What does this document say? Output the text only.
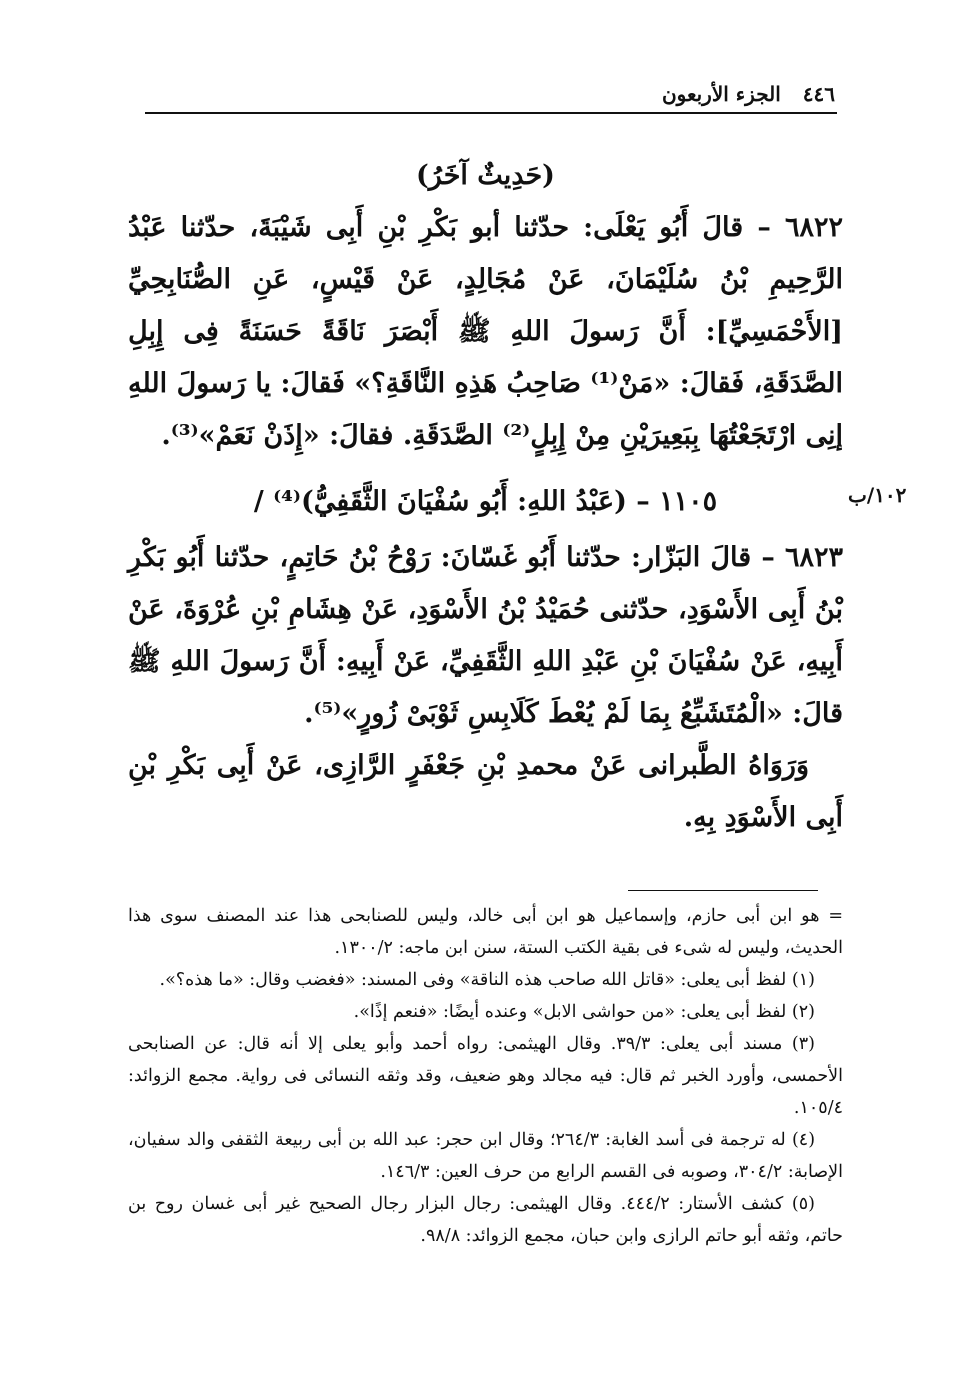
٤٤٦
الجزء الأربعون
١٠٢/ب

(حَدِيثٌ آخَرُ)

٦٨٢٢ – قالَ أَبُو يَعْلَى: حدّثنا أبو بَكْرِ بْنِ أَبِى شَيْبَةَ، حدّثنا عَبْدُ الرَّحِيمِ بْنُ سُلَيْمَانَ، عَنْ مُجَالِدٍ، عَنْ قَيْسٍ، عَنِ الصُّنَابِحِيِّ [الأَحْمَسِيِّ]: أَنَّ رَسولَ اللهِ ﷺ أَبْصَرَ نَاقَةً حَسَنَةً فِى إِبِلِ الصَّدَقَةِ، فَقالَ: «مَنْ⁽¹⁾ صَاحِبُ هَذِهِ النَّاقَةِ؟» فَقالَ: يا رَسولَ اللهِ إنِى ارْتَجَعْتُهَا بِبَعِيرَيْنِ مِنْ إِبِلٍ⁽²⁾ الصَّدَقَةِ. فقالَ: «إِذَنْ نَعَمْ»⁽³⁾.

١١٠٥ – (عَبْدُ اللهِ: أَبُو سُفْيَانَ الثَّقَفِيُّ)⁽⁴⁾ /

٦٨٢٣ – قالَ البَزّار: حدّثنا أَبُو غَسّانَ: رَوْحُ بْنُ حَاتِمٍ، حدّثنا أَبُو بَكْرِ بْنُ أَبِى الأَسْوَدِ، حدّثنى حُمَيْدُ بْنُ الأَسْوَدِ، عَنْ هِشَامِ بْنِ عُرْوَةَ، عَنْ أَبِيهِ، عَنْ سُفْيَانَ بْنِ عَبْدِ اللهِ الثَّقَفِيِّ، عَنْ أَبِيهِ: أَنَّ رَسولَ اللهِ ﷺ قالَ: «الْمُتَشَبِّعُ بِمَا لَمْ يُعْطَ كَلَابِسِ ثَوْبَىْ زُورٍ»⁽⁵⁾.

وَرَوَاهُ الطَّبرانى عَنْ محمدِ بْنِ جَعْفَرٍ الرَّازِى، عَنْ أَبِى بَكْرِ بْنِ أَبِى الأَسْوَدِ بِهِ.

= هو ابن أبى حازم، وإسماعيل هو ابن أبى خالد، وليس للصنابحى هذا عند المصنف سوى هذا الحديث، وليس له شىء فى بقية الكتب الستة، سنن ابن ماجه: ١٣٠٠/٢.

(١) لفظ أبى يعلى: «قاتل الله صاحب هذه الناقة» وفى المسند: «فغضب وقال: «ما هذه؟».

(٢) لفظ أبى يعلى: «من حواشى الابل» وعنده أيضًا: «فنعم إذًا».

(٣) مسند أبى يعلى: ٣٩/٣. وقال الهيثمى: رواه أحمد وأبو يعلى إلا أنه قال: عن الصنابحى الأحمسى، وأورد الخبر ثم قال: فيه مجالد وهو ضعيف، وقد وثقه النسائى فى رواية. مجمع الزوائد: ١٠٥/٤.

(٤) له ترجمة فى أسد الغابة: ٢٦٤/٣؛ وقال ابن حجر: عبد الله بن أبى ربيعة الثقفى والد سفيان، الإصابة: ٣٠٤/٢، وصوبه فى القسم الرابع من حرف العين: ١٤٦/٣.

(٥) كشف الأستار: ٤٤٤/٢. وقال الهيثمى: رجال البزار رجال الصحيح غير أبى غسان روح بن حاتم، وثقه أبو حاتم الرازى وابن حبان، مجمع الزوائد: ٩٨/٨.
